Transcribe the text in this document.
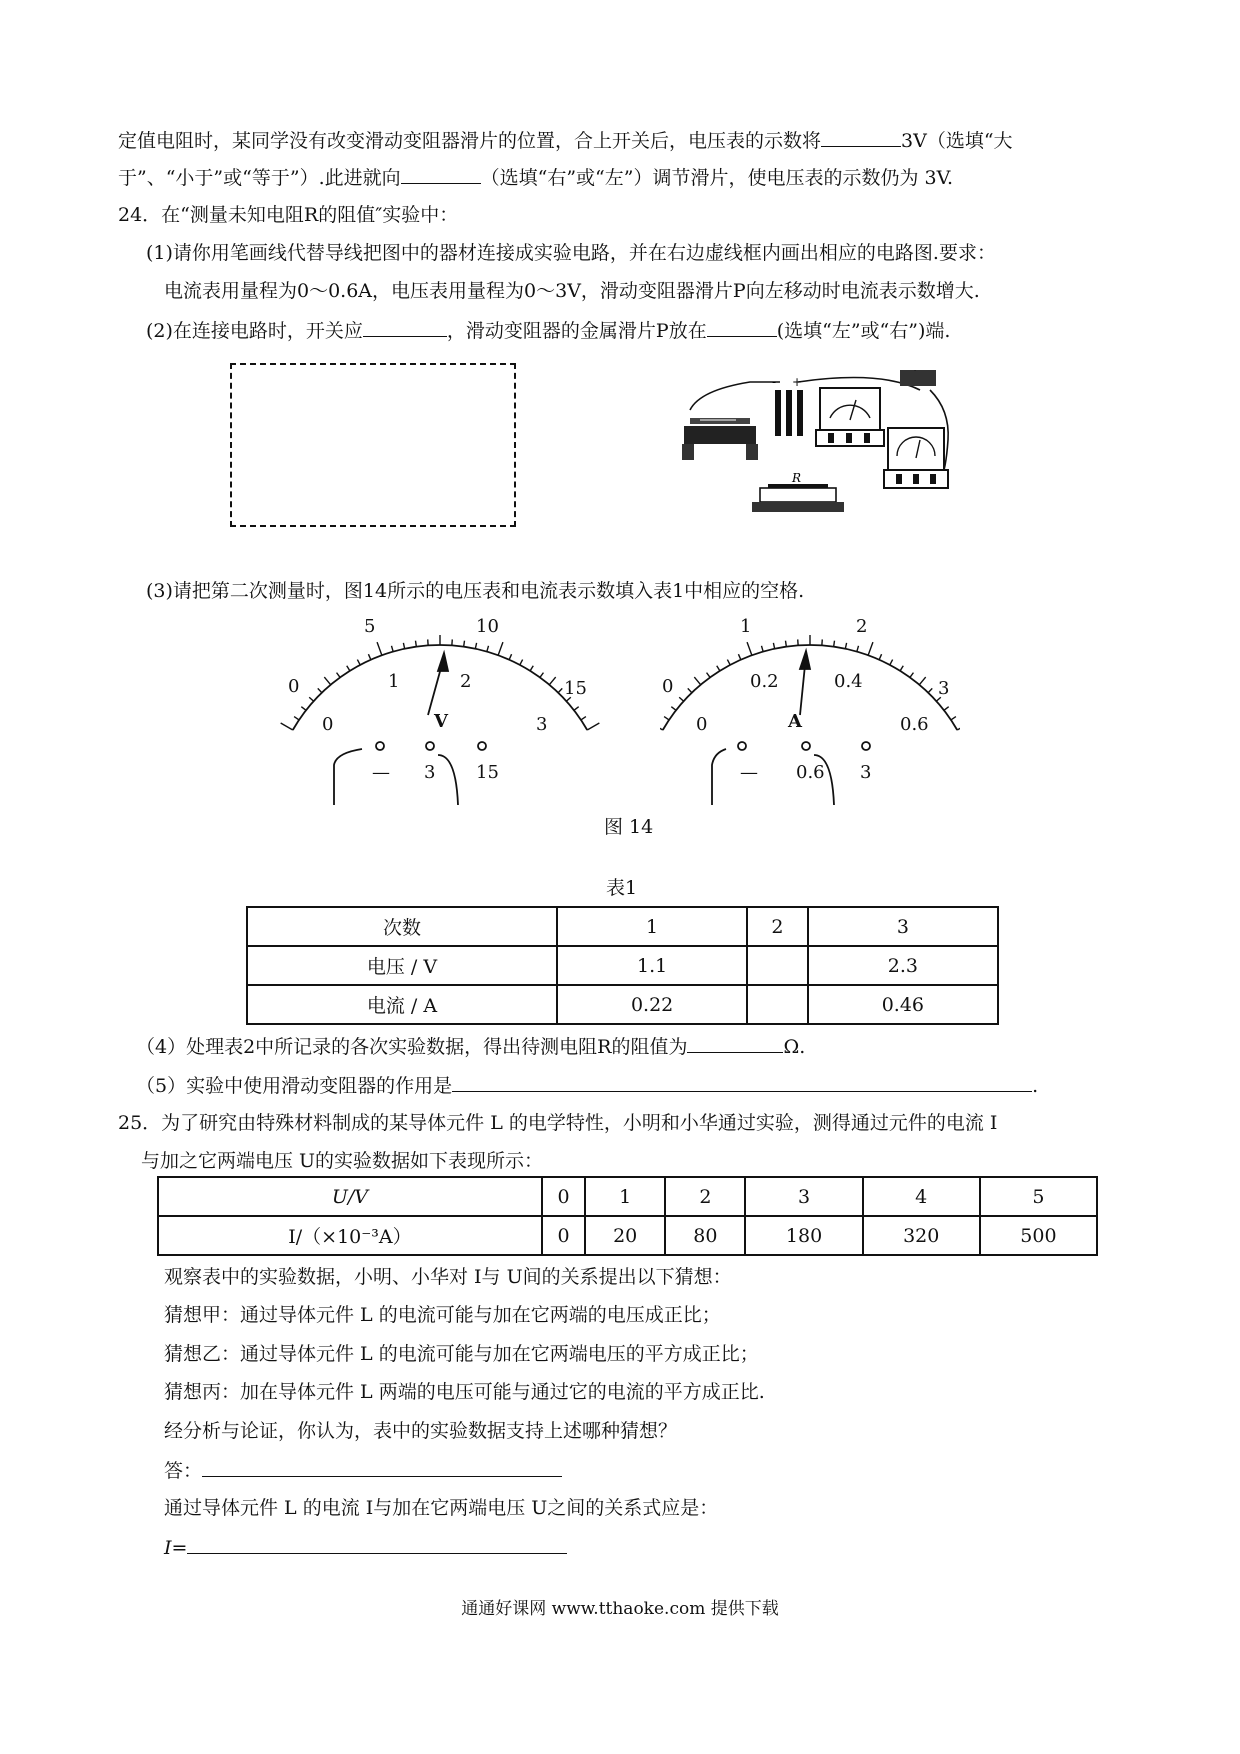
定值电阻时，某同学没有改变滑动变阻器滑片的位置，合上开关后，电压表的示数将	3V（选填“大
于”、“小于”或“等于”）.此进就向	（选填“右”或“左”）调节滑片，使电压表的示数仍为 3V.
24．在“测量未知电阻R的阻值″实验中：
(1)请你用笔画线代替导线把图中的器材连接成实验电路，并在右边虚线框内画出相应的电路图.要求：
电流表用量程为0～0.6A，电压表用量程为0～3V，滑动变阻器滑片P向左移动时电流表示数增大.
(2)在连接电路时，开关应	，滑动变阻器的金属滑片P放在	(选填“左”或“右”)端.
- +
R
(3)请把第二次测量时，图14所示的电压表和电流表示数填入表1中相应的空格.
0
5	10
15
0
1	2
3
V
— 3 15
0
1	2
3
0
0.2	0.4
0.6
A
— 0.6 3
图 14
表1
次数	1	2	3
电压 / V	1.1		2.3
电流 / A	0.22		0.46
（4）处理表2中所记录的各次实验数据，得出待测电阻R的阻值为	Ω.
（5）实验中使用滑动变阻器的作用是	.
25．为了研究由特殊材料制成的某导体元件 L 的电学特性，小明和小华通过实验，测得通过元件的电流 I
与加之它两端电压 U的实验数据如下表现所示：
U/V	0	1	2	3	4	5
I/（×10⁻³A）	0	20	80	180	320	500
观察表中的实验数据，小明、小华对 I与 U间的关系提出以下猜想：
猜想甲：通过导体元件 L 的电流可能与加在它两端的电压成正比；
猜想乙：通过导体元件 L 的电流可能与加在它两端电压的平方成正比；
猜想丙：加在导体元件 L 两端的电压可能与通过它的电流的平方成正比.
经分析与论证，你认为，表中的实验数据支持上述哪种猜想？
答：
通过导体元件 L 的电流 I与加在它两端电压 U之间的关系式应是：
I=
通通好课网 www.tthaoke.com 提供下载
